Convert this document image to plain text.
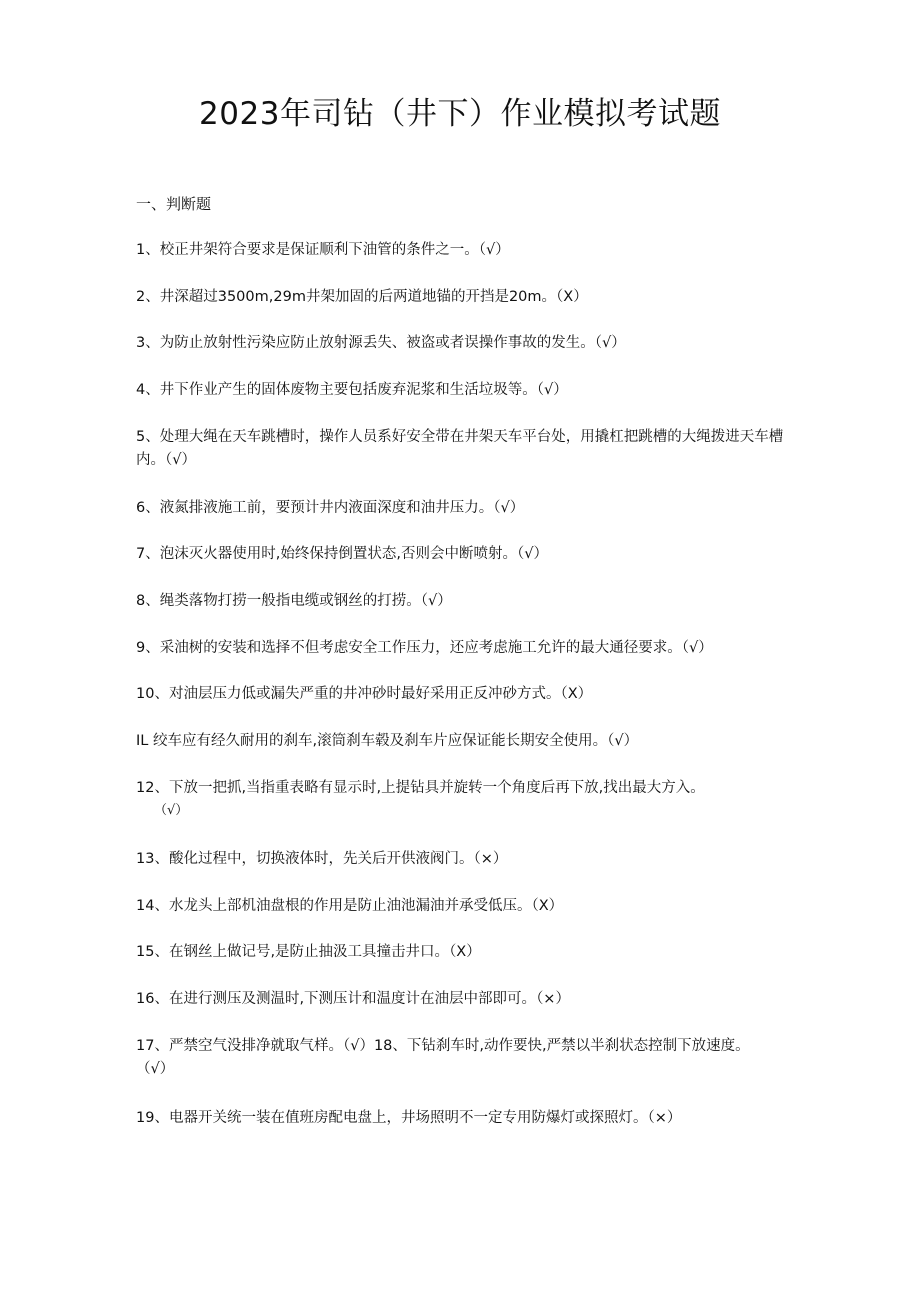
2023年司钻（井下）作业模拟考试题

一、判断题

1、校正井架符合要求是保证顺利下油管的条件之一。（√）

2、井深超过3500m,29m井架加固的后两道地锚的开挡是20m。（X）

3、为防止放射性污染应防止放射源丢失、被盗或者误操作事故的发生。（√）

4、井下作业产生的固体废物主要包括废弃泥浆和生活垃圾等。（√）

5、处理大绳在天车跳槽时，操作人员系好安全带在井架天车平台处，用撬杠把跳槽的大绳拨进天车槽内。（√）

6、液氮排液施工前，要预计井内液面深度和油井压力。（√）

7、泡沫灭火器使用时,始终保持倒置状态,否则会中断喷射。（√）

8、绳类落物打捞一般指电缆或钢丝的打捞。（√）

9、采油树的安装和选择不但考虑安全工作压力，还应考虑施工允许的最大通径要求。（√）

10、对油层压力低或漏失严重的井冲砂时最好采用正反冲砂方式。（X）

IL 绞车应有经久耐用的刹车,滚筒刹车毂及刹车片应保证能长期安全使用。（√）

12、下放一把抓,当指重表略有显示时,上提钻具并旋转一个角度后再下放,找出最大方入。
（√）

13、酸化过程中，切换液体时，先关后开供液阀门。（×）

14、水龙头上部机油盘根的作用是防止油池漏油并承受低压。（X）

15、在钢丝上做记号,是防止抽汲工具撞击井口。（X）

16、在进行测压及测温时,下测压计和温度计在油层中部即可。（×）

17、严禁空气没排净就取气样。（√）18、下钻刹车时,动作要快,严禁以半刹状态控制下放速度。（√）

19、电器开关统一装在值班房配电盘上，井场照明不一定专用防爆灯或探照灯。（×）
